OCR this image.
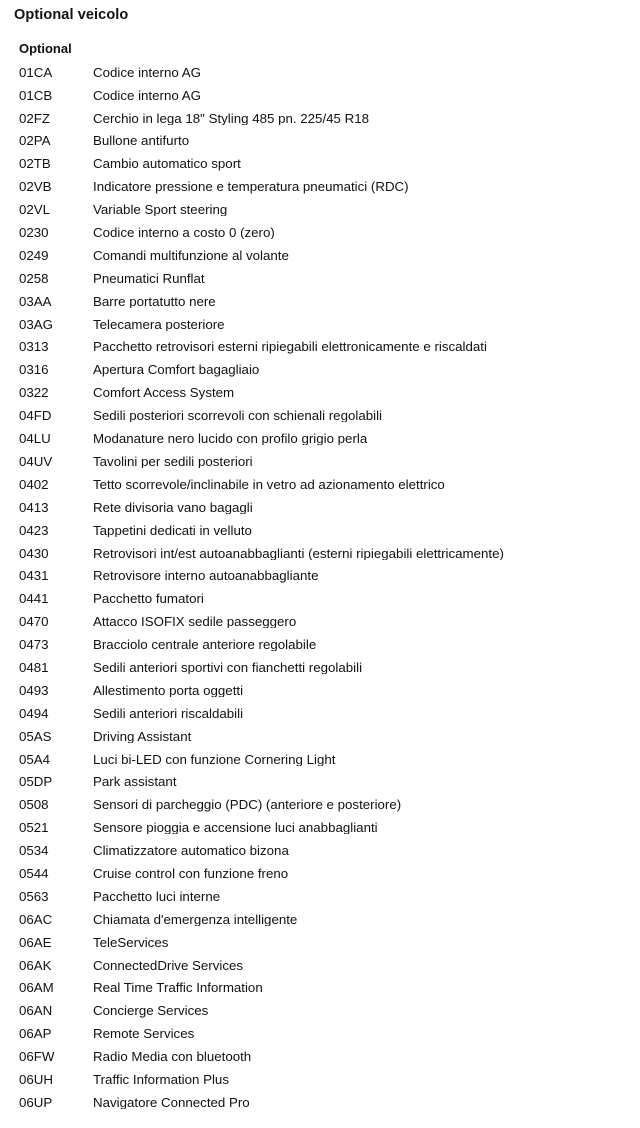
Optional veicolo
Optional
01CA	Codice interno AG
01CB	Codice interno AG
02FZ	Cerchio in lega 18" Styling 485 pn. 225/45 R18
02PA	Bullone antifurto
02TB	Cambio automatico sport
02VB	Indicatore pressione e temperatura pneumatici (RDC)
02VL	Variable Sport steering
0230	Codice interno a costo 0 (zero)
0249	Comandi multifunzione al volante
0258	Pneumatici Runflat
03AA	Barre portatutto nere
03AG	Telecamera posteriore
0313	Pacchetto retrovisori esterni ripiegabili elettronicamente e riscaldati
0316	Apertura Comfort bagagliaio
0322	Comfort Access System
04FD	Sedili posteriori scorrevoli con schienali regolabili
04LU	Modanature nero lucido con profilo grigio perla
04UV	Tavolini per sedili posteriori
0402	Tetto scorrevole/inclinabile in vetro ad azionamento elettrico
0413	Rete divisoria vano bagagli
0423	Tappetini dedicati in velluto
0430	Retrovisori int/est autoanabbaglianti (esterni ripiegabili elettricamente)
0431	Retrovisore interno autoanabbagliante
0441	Pacchetto fumatori
0470	Attacco ISOFIX sedile passeggero
0473	Bracciolo centrale anteriore regolabile
0481	Sedili anteriori sportivi con fianchetti regolabili
0493	Allestimento porta oggetti
0494	Sedili anteriori riscaldabili
05AS	Driving Assistant
05A4	Luci bi-LED con funzione Cornering Light
05DP	Park assistant
0508	Sensori di parcheggio (PDC) (anteriore e posteriore)
0521	Sensore pioggia e accensione luci anabbaglianti
0534	Climatizzatore automatico bizona
0544	Cruise control con funzione freno
0563	Pacchetto luci interne
06AC	Chiamata d'emergenza intelligente
06AE	TeleServices
06AK	ConnectedDrive Services
06AM	Real Time Traffic Information
06AN	Concierge Services
06AP	Remote Services
06FW	Radio Media con bluetooth
06UH	Traffic Information Plus
06UP	Navigatore Connected Pro
